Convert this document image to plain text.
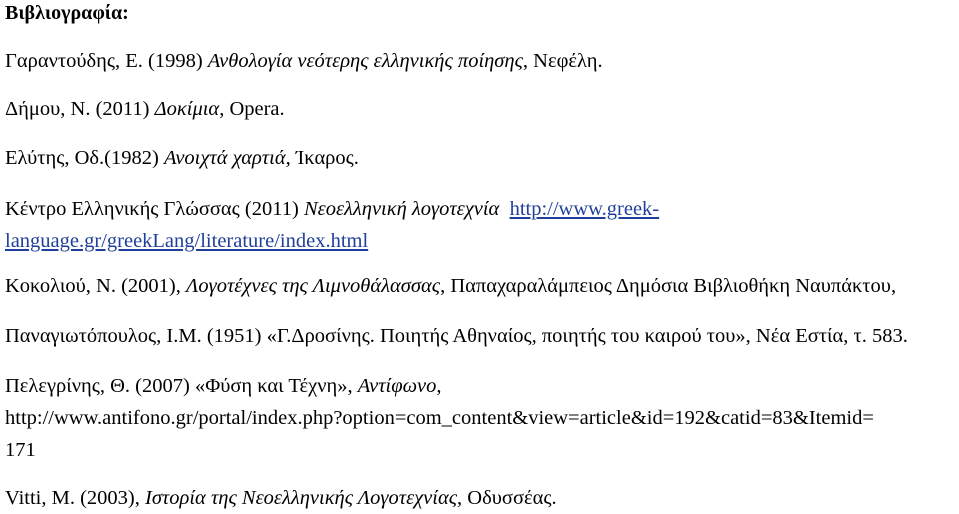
Βιβλιογραφία:
Γαραντούδης, Ε. (1998) Ανθολογία νεότερης ελληνικής ποίησης, Νεφέλη.
Δήμου, Ν. (2011) Δοκίμια, Opera.
Ελύτης, Οδ.(1982) Ανοιχτά χαρτιά, Ίκαρος.
Κέντρο Ελληνικής Γλώσσας (2011) Νεοελληνική λογοτεχνία http://www.greek-
language.gr/greekLang/literature/index.html
Κοκολιού, Ν. (2001), Λογοτέχνες της Λιμνοθάλασσας, Παπαχαραλάμπειος Δημόσια Βιβλιοθήκη Ναυπάκτου,
Παναγιωτόπουλος, Ι.Μ. (1951) «Γ.Δροσίνης. Ποιητής Αθηναίος, ποιητής του καιρού του», Νέα Εστία, τ. 583.
Πελεγρίνης, Θ. (2007) «Φύση και Τέχνη», Αντίφωνο,
http://www.antifono.gr/portal/index.php?option=com_content&view=article&id=192&catid=83&Itemid=
171
Vitti, M. (2003), Ιστορία της Νεοελληνικής Λογοτεχνίας, Οδυσσέας.
